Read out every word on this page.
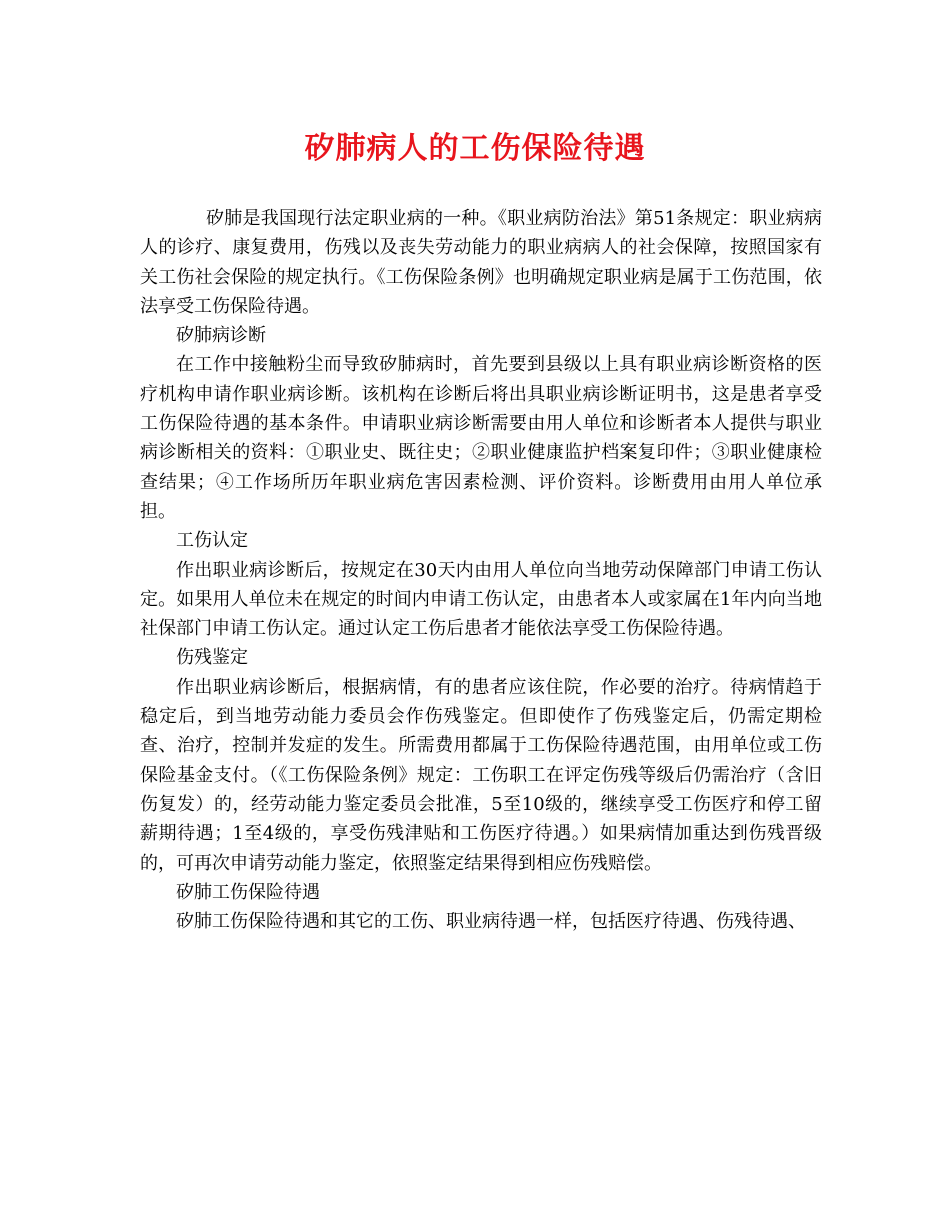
矽肺病人的工伤保险待遇

矽肺是我国现行法定职业病的一种。《职业病防治法》第51条规定：职业病病人的诊疗、康复费用，伤残以及丧失劳动能力的职业病病人的社会保障，按照国家有关工伤社会保险的规定执行。《工伤保险条例》也明确规定职业病是属于工伤范围，依法享受工伤保险待遇。

矽肺病诊断

在工作中接触粉尘而导致矽肺病时，首先要到县级以上具有职业病诊断资格的医疗机构申请作职业病诊断。该机构在诊断后将出具职业病诊断证明书，这是患者享受工伤保险待遇的基本条件。申请职业病诊断需要由用人单位和诊断者本人提供与职业病诊断相关的资料：①职业史、既往史；②职业健康监护档案复印件；③职业健康检查结果；④工作场所历年职业病危害因素检测、评价资料。诊断费用由用人单位承担。

工伤认定

作出职业病诊断后，按规定在30天内由用人单位向当地劳动保障部门申请工伤认定。如果用人单位未在规定的时间内申请工伤认定，由患者本人或家属在1年内向当地社保部门申请工伤认定。通过认定工伤后患者才能依法享受工伤保险待遇。

伤残鉴定

作出职业病诊断后，根据病情，有的患者应该住院，作必要的治疗。待病情趋于稳定后，到当地劳动能力委员会作伤残鉴定。但即使作了伤残鉴定后，仍需定期检查、治疗，控制并发症的发生。所需费用都属于工伤保险待遇范围，由用单位或工伤保险基金支付。（《工伤保险条例》规定：工伤职工在评定伤残等级后仍需治疗（含旧伤复发）的，经劳动能力鉴定委员会批准，5至10级的，继续享受工伤医疗和停工留薪期待遇；1至4级的，享受伤残津贴和工伤医疗待遇。）如果病情加重达到伤残晋级的，可再次申请劳动能力鉴定，依照鉴定结果得到相应伤残赔偿。

矽肺工伤保险待遇

矽肺工伤保险待遇和其它的工伤、职业病待遇一样，包括医疗待遇、伤残待遇、
